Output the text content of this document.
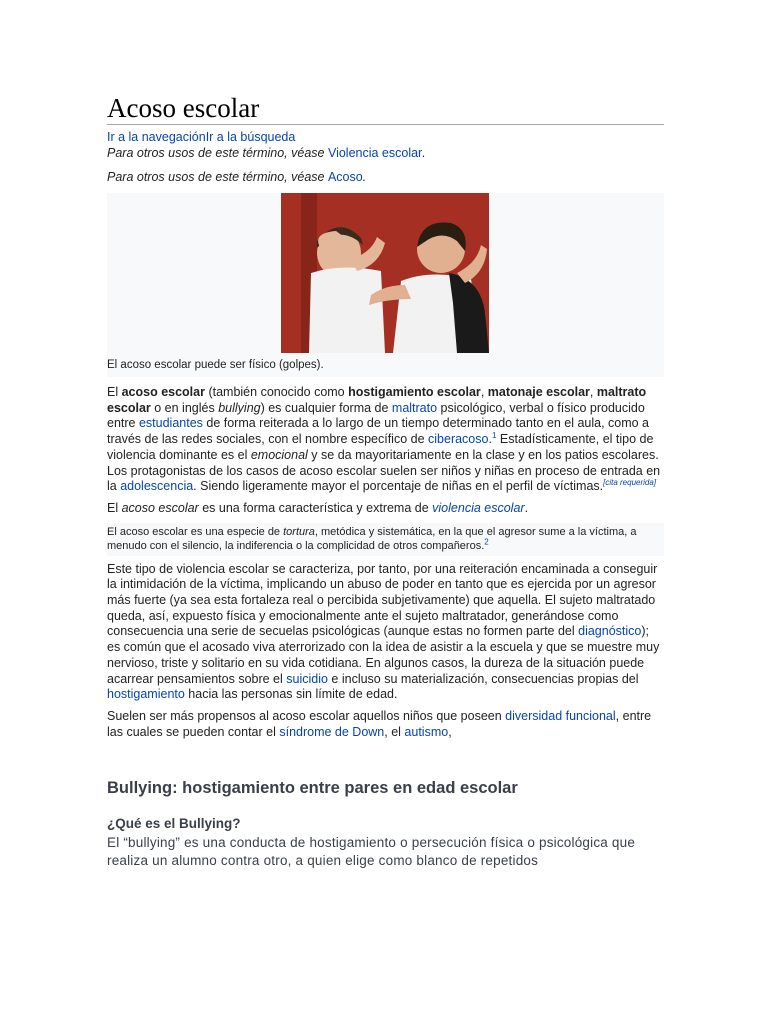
Acoso escolar
Ir a la navegaciónIr a la búsqueda
Para otros usos de este término, véase Violencia escolar.
Para otros usos de este término, véase Acoso.
El acoso escolar puede ser físico (golpes).

El acoso escolar (también conocido como hostigamiento escolar, matonaje escolar, maltrato escolar o en inglés bullying) es cualquier forma de maltrato psicológico, verbal o físico producido entre estudiantes de forma reiterada a lo largo de un tiempo determinado tanto en el aula, como a través de las redes sociales, con el nombre específico de ciberacoso.$^1$ Estadísticamente, el tipo de violencia dominante es el emocional y se da mayoritariamente en la clase y en los patios escolares. Los protagonistas de los casos de acoso escolar suelen ser niños y niñas en proceso de entrada en la adolescencia. Siendo ligeramente mayor el porcentaje de niñas en el perfil de víctimas.[cita requerida]

El acoso escolar es una forma característica y extrema de violencia escolar.

El acoso escolar es una especie de tortura, metódica y sistemática, en la que el agresor sume a la víctima, a menudo con el silencio, la indiferencia o la complicidad de otros compañeros.$^2$

Este tipo de violencia escolar se caracteriza, por tanto, por una reiteración encaminada a conseguir la intimidación de la víctima, implicando un abuso de poder en tanto que es ejercida por un agresor más fuerte (ya sea esta fortaleza real o percibida subjetivamente) que aquella. El sujeto maltratado queda, así, expuesto física y emocionalmente ante el sujeto maltratador, generándose como consecuencia una serie de secuelas psicológicas (aunque estas no formen parte del diagnóstico); es común que el acosado viva aterrorizado con la idea de asistir a la escuela y que se muestre muy nervioso, triste y solitario en su vida cotidiana. En algunos casos, la dureza de la situación puede acarrear pensamientos sobre el suicidio e incluso su materialización, consecuencias propias del hostigamiento hacia las personas sin límite de edad.

Suelen ser más propensos al acoso escolar aquellos niños que poseen diversidad funcional, entre las cuales se pueden contar el síndrome de Down, el autismo,

Bullying: hostigamiento entre pares en edad escolar
¿Qué es el Bullying?
El “bullying” es una conducta de hostigamiento o persecución física o psicológica que realiza un alumno contra otro, a quien elige como blanco de repetidos
